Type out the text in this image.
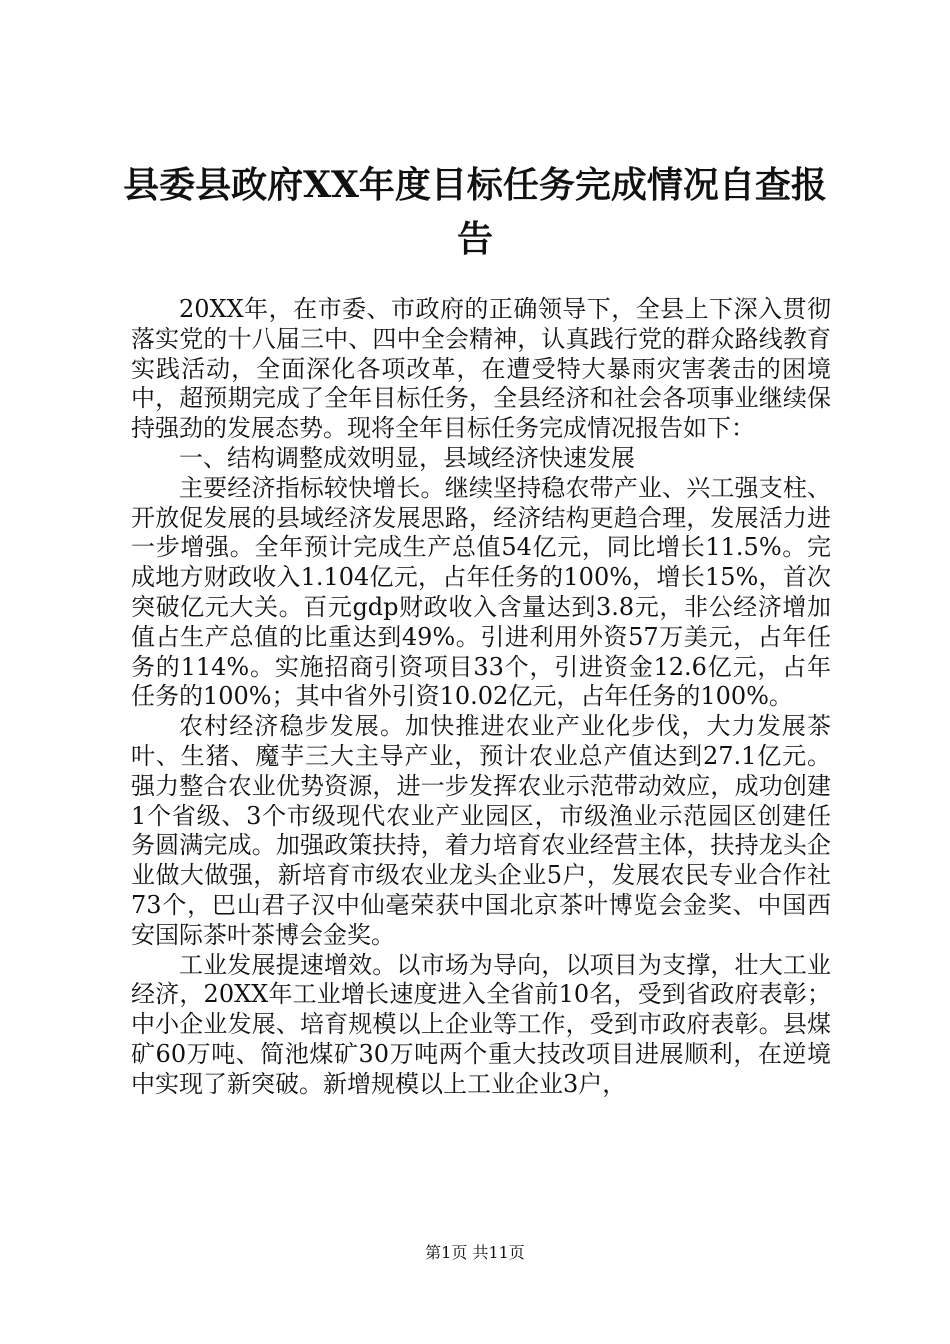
县委县政府XX年度目标任务完成情况自查报告

20XX年，在市委、市政府的正确领导下，全县上下深入贯彻落实党的十八届三中、四中全会精神，认真践行党的群众路线教育实践活动，全面深化各项改革，在遭受特大暴雨灾害袭击的困境中，超预期完成了全年目标任务，全县经济和社会各项事业继续保持强劲的发展态势。现将全年目标任务完成情况报告如下：

一、结构调整成效明显，县域经济快速发展

主要经济指标较快增长。继续坚持稳农带产业、兴工强支柱、开放促发展的县域经济发展思路，经济结构更趋合理，发展活力进一步增强。全年预计完成生产总值54亿元，同比增长11.5%。完成地方财政收入1.104亿元，占年任务的100%，增长15%，首次突破亿元大关。百元gdp财政收入含量达到3.8元，非公经济增加值占生产总值的比重达到49%。引进利用外资57万美元，占年任务的114%。实施招商引资项目33个，引进资金12.6亿元，占年任务的100%；其中省外引资10.02亿元，占年任务的100%。

农村经济稳步发展。加快推进农业产业化步伐，大力发展茶叶、生猪、魔芋三大主导产业，预计农业总产值达到27.1亿元。强力整合农业优势资源，进一步发挥农业示范带动效应，成功创建1个省级、3个市级现代农业产业园区，市级渔业示范园区创建任务圆满完成。加强政策扶持，着力培育农业经营主体，扶持龙头企业做大做强，新培育市级农业龙头企业5户，发展农民专业合作社73个，巴山君子汉中仙毫荣获中国北京茶叶博览会金奖、中国西安国际茶叶茶博会金奖。

工业发展提速增效。以市场为导向，以项目为支撑，壮大工业经济，20XX年工业增长速度进入全省前10名，受到省政府表彰；中小企业发展、培育规模以上企业等工作，受到市政府表彰。县煤矿60万吨、简池煤矿30万吨两个重大技改项目进展顺利，在逆境中实现了新突破。新增规模以上工业企业3户，

第1页 共11页
